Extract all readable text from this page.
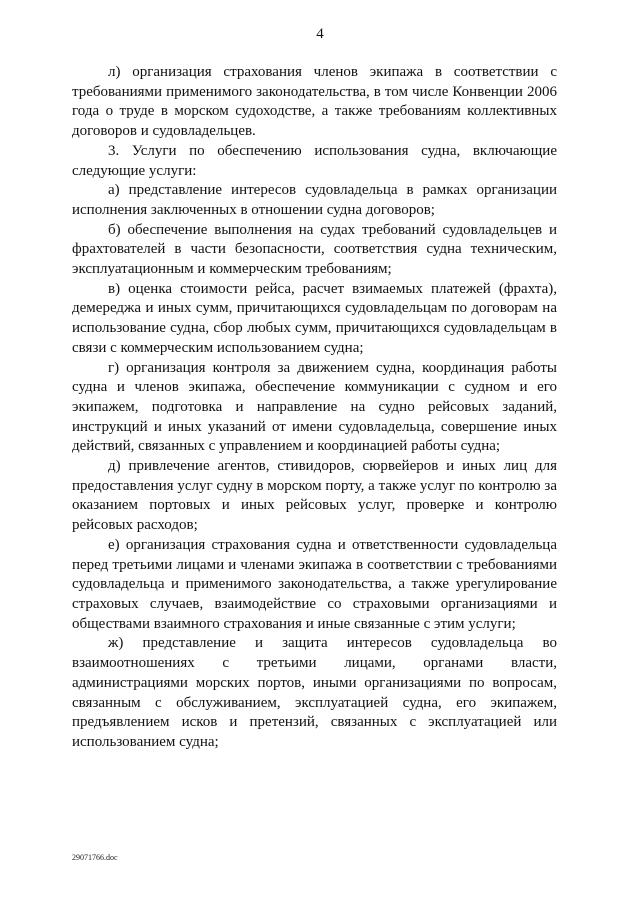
4

л) организация страхования членов экипажа в соответствии с требованиями применимого законодательства, в том числе Конвенции 2006 года о труде в морском судоходстве, а также требованиям коллективных договоров и судовладельцев.

3. Услуги по обеспечению использования судна, включающие следующие услуги:

а) представление интересов судовладельца в рамках организации исполнения заключенных в отношении судна договоров;

б) обеспечение выполнения на судах требований судовладельцев и фрахтователей в части безопасности, соответствия судна техническим, эксплуатационным и коммерческим требованиям;

в) оценка стоимости рейса, расчет взимаемых платежей (фрахта), демереджа и иных сумм, причитающихся судовладельцам по договорам на использование судна, сбор любых сумм, причитающихся судовладельцам в связи с коммерческим использованием судна;

г) организация контроля за движением судна, координация работы судна и членов экипажа, обеспечение коммуникации с судном и его экипажем, подготовка и направление на судно рейсовых заданий, инструкций и иных указаний от имени судовладельца, совершение иных действий, связанных с управлением и координацией работы судна;

д) привлечение агентов, стивидоров, сюрвейеров и иных лиц для предоставления услуг судну в морском порту, а также услуг по контролю за оказанием портовых и иных рейсовых услуг, проверке и контролю рейсовых расходов;

е) организация страхования судна и ответственности судовладельца перед третьими лицами и членами экипажа в соответствии с требованиями судовладельца и применимого законодательства, а также урегулирование страховых случаев, взаимодействие со страховыми организациями и обществами взаимного страхования и иные связанные с этим услуги;

ж) представление и защита интересов судовладельца во взаимоотношениях с третьими лицами, органами власти, администрациями морских портов, иными организациями по вопросам, связанным с обслуживанием, эксплуатацией судна, его экипажем, предъявлением исков и претензий, связанных с эксплуатацией или использованием судна;

29071766.doc
